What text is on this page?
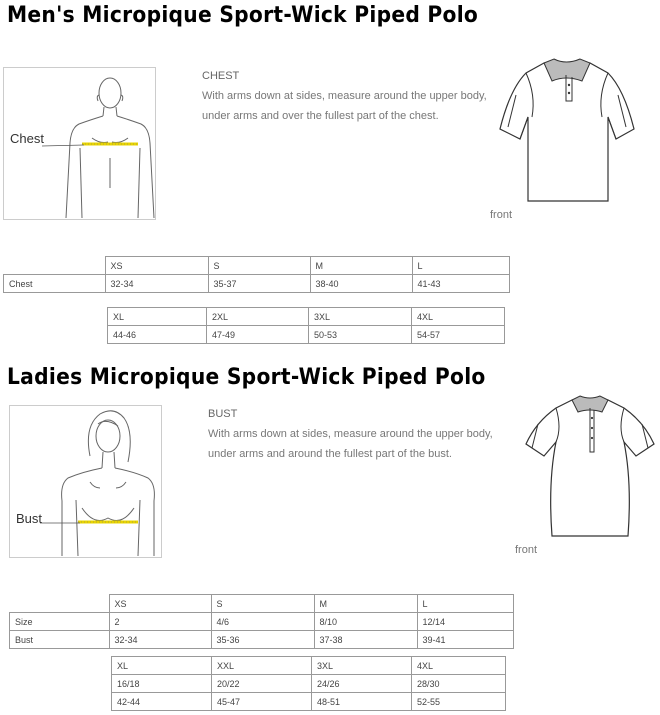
Men's Micropique Sport-Wick Piped Polo
Chest
CHEST
With arms down at sides, measure around the upper body,
under arms and over the fullest part of the chest.
front
	XS	S	M	L
Chest	32-34	35-37	38-40	41-43
XL	2XL	3XL	4XL
44-46	47-49	50-53	54-57
Ladies Micropique Sport-Wick Piped Polo
Bust
BUST
With arms down at sides, measure around the upper body,
under arms and around the fullest part of the bust.
front
	XS	S	M	L
Size	2	4/6	8/10	12/14
Bust	32-34	35-36	37-38	39-41
XL	XXL	3XL	4XL
16/18	20/22	24/26	28/30
42-44	45-47	48-51	52-55
